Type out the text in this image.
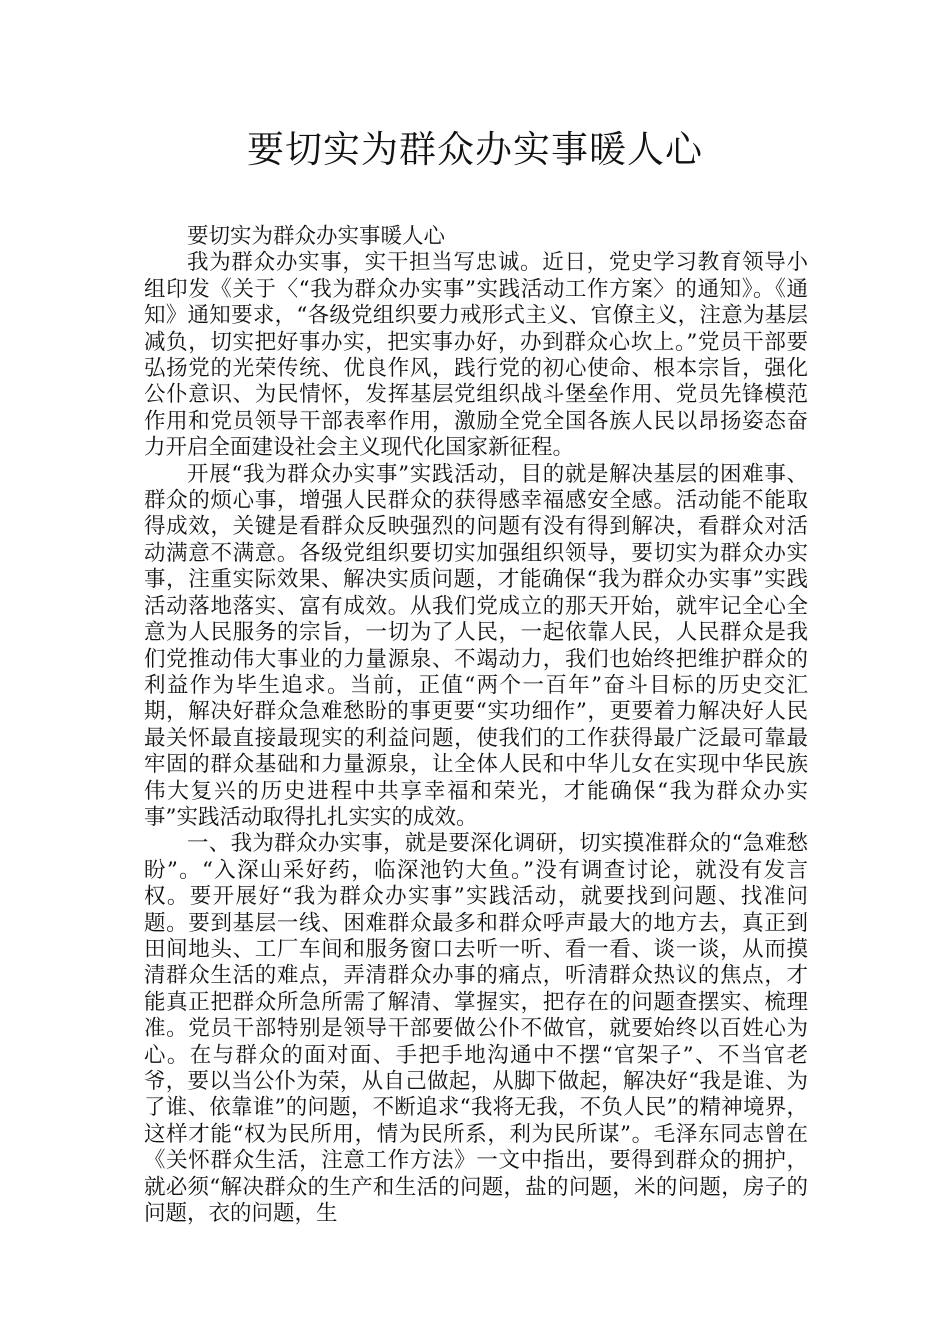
要切实为群众办实事暖人心

要切实为群众办实事暖人心

我为群众办实事，实干担当写忠诚。近日，党史学习教育领导小组印发《关于〈“我为群众办实事”实践活动工作方案〉的通知》。《通知》通知要求，“各级党组织要力戒形式主义、官僚主义，注意为基层减负，切实把好事办实，把实事办好，办到群众心坎上。”党员干部要弘扬党的光荣传统、优良作风，践行党的初心使命、根本宗旨，强化公仆意识、为民情怀，发挥基层党组织战斗堡垒作用、党员先锋模范作用和党员领导干部表率作用，激励全党全国各族人民以昂扬姿态奋力开启全面建设社会主义现代化国家新征程。

开展“我为群众办实事”实践活动，目的就是解决基层的困难事、群众的烦心事，增强人民群众的获得感幸福感安全感。活动能不能取得成效，关键是看群众反映强烈的问题有没有得到解决，看群众对活动满意不满意。各级党组织要切实加强组织领导，要切实为群众办实事，注重实际效果、解决实质问题，才能确保“我为群众办实事”实践活动落地落实、富有成效。从我们党成立的那天开始，就牢记全心全意为人民服务的宗旨，一切为了人民，一起依靠人民，人民群众是我们党推动伟大事业的力量源泉、不竭动力，我们也始终把维护群众的利益作为毕生追求。当前，正值“两个一百年”奋斗目标的历史交汇期，解决好群众急难愁盼的事更要“实功细作”，更要着力解决好人民最关怀最直接最现实的利益问题，使我们的工作获得最广泛最可靠最牢固的群众基础和力量源泉，让全体人民和中华儿女在实现中华民族伟大复兴的历史进程中共享幸福和荣光，才能确保“我为群众办实事”实践活动取得扎扎实实的成效。

一、我为群众办实事，就是要深化调研，切实摸准群众的“急难愁盼”。“入深山采好药，临深池钓大鱼。”没有调查讨论，就没有发言权。要开展好“我为群众办实事”实践活动，就要找到问题、找准问题。要到基层一线、困难群众最多和群众呼声最大的地方去，真正到田间地头、工厂车间和服务窗口去听一听、看一看、谈一谈，从而摸清群众生活的难点，弄清群众办事的痛点，听清群众热议的焦点，才能真正把群众所急所需了解清、掌握实，把存在的问题查摆实、梳理准。党员干部特别是领导干部要做公仆不做官，就要始终以百姓心为心。在与群众的面对面、手把手地沟通中不摆“官架子”、不当官老爷，要以当公仆为荣，从自己做起，从脚下做起，解决好“我是谁、为了谁、依靠谁”的问题，不断追求“我将无我，不负人民”的精神境界，这样才能“权为民所用，情为民所系，利为民所谋”。毛泽东同志曾在《关怀群众生活，注意工作方法》一文中指出，要得到群众的拥护，就必须“解决群众的生产和生活的问题，盐的问题，米的问题，房子的问题，衣的问题，生
